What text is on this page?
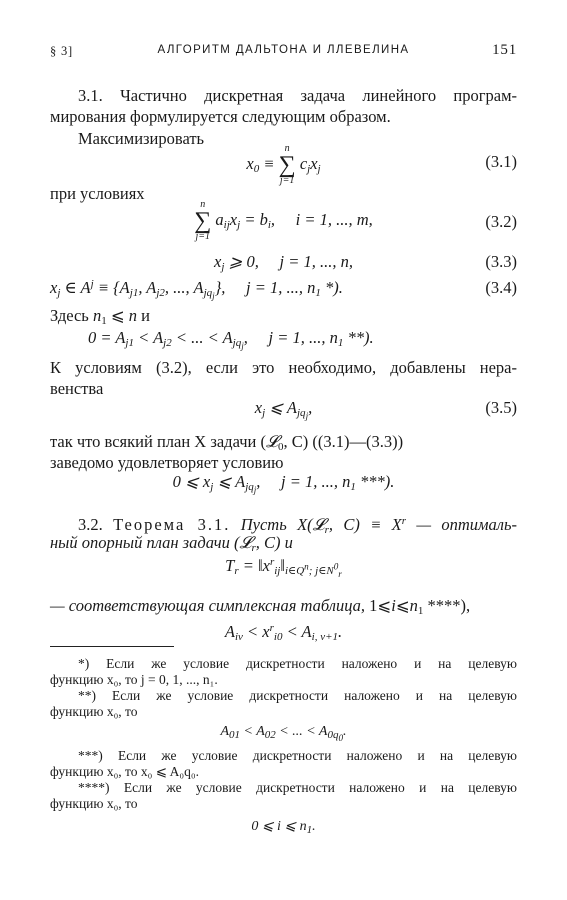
§ 3]	АЛГОРИТМ ДАЛЬТОНА И ЛЛЕВЕЛИНА	151
3.1. Частично дискретная задача линейного програм-
мирования формулируется следующим образом.
Максимизировать
$x_0$ ≡
n
∑
j=1
$c_jx_j$	(3.1)
при условиях
n
∑
j=1
$a_{ij}x_j = b_i$,     i = 1, ..., m,	(3.2)
$x_j$ ⩾ 0,     j = 1, ..., n,	(3.3)
$x_j$ ∈ $A^j \equiv \{A_{j1}$, $A_{j2}$, ..., $A_{jq_j}$},     j = 1, ..., $n_1$ *).	(3.4)
Здесь $n_1$ ⩽ n и
$0 = A_{j1} < A_{j2}$ < ... < $A_{jq_j}$,     j = 1, ..., $n_1$ **).
К условиям (3.2), если это необходимо, добавлены нера-
венства
$x_j$ ⩽ $A_{jq_j}$,	(3.5)
так что всякий план X задачи (𝓛$_0$, C) ((3.1)—(3.3))
заведомо удовлетворяет условию
0 ⩽ $x_j$ ⩽ $A_{jq_j}$,     j = 1, ..., $n_1$ ***).
3.2. Теорема 3.1. Пусть X(𝓛$_r$, $C) \equiv X^r$ — оптималь-
ный опорный план задачи (𝓛$_r$, C) и
$T_r$ = $‖x^r_{ij}‖_{i\in Q^n; j\in N^0_r}$
— соответствующая симплексная таблица, $1⩽i⩽n_1$ ****),
$A_{iv} < x^r_{i0} < A_{i, v+1}$.
*) Если же условие дискретности наложено и на целевую
функцию x₀, то j = 0, 1, ..., n₁.
**) Если же условие дискретности наложено и на целевую
функцию x₀, то
$A_{01} < A_{02}$ < ... < $A_{0q_0}$.
***) Если же условие дискретности наложено и на целевую
функцию x₀, то x₀ ⩽ A₀q₀.
****) Если же условие дискретности наложено и на целевую
функцию x₀, то
0 ⩽ i ⩽ $n_1$.
